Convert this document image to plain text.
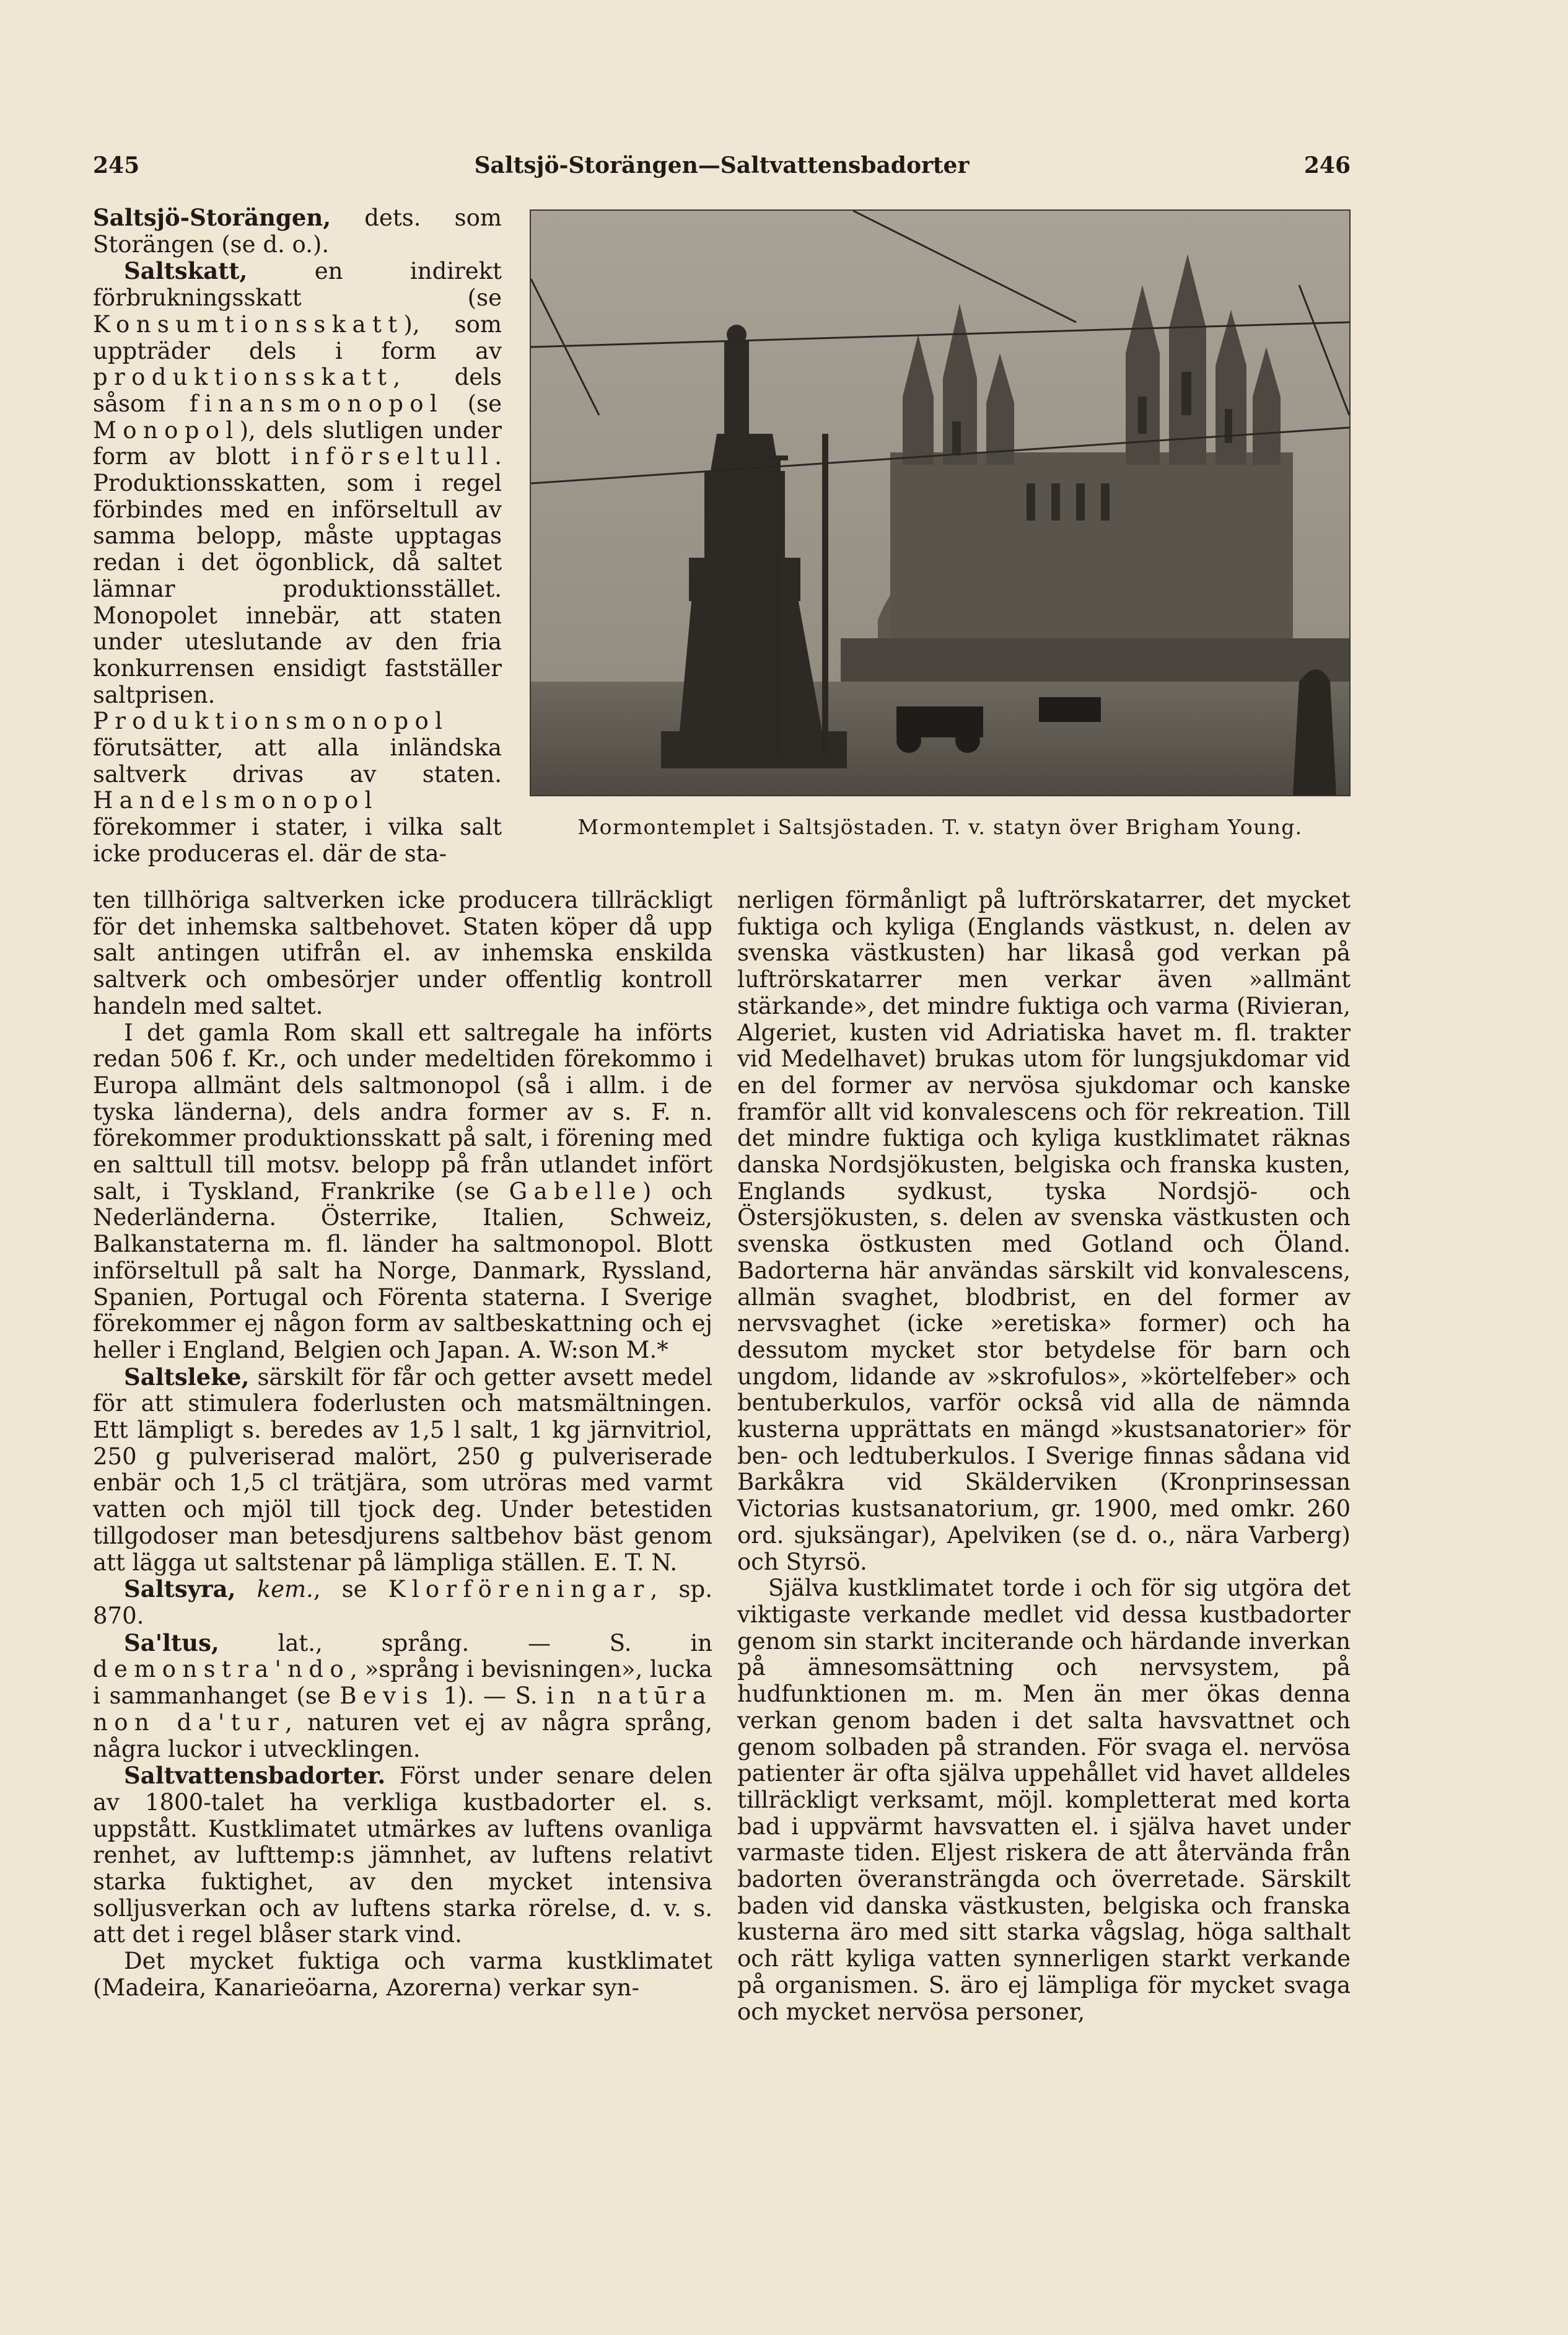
245	Saltsjö-Storängen—Saltvattensbadorter	246

Saltsjö-Storängen, dets. som Storängen (se d. o.).

Saltskatt, en indirekt förbrukningsskatt (se Konsumtionsskatt), som uppträder dels i form av produktionsskatt, dels såsom finansmonopol (se Monopol), dels slutligen under form av blott införseltull. Produktionsskatten, som i regel förbindes med en införseltull av samma belopp, måste upptagas redan i det ögonblick, då saltet lämnar produktionsstället. Monopolet innebär, att staten under uteslutande av den fria konkurrensen ensidigt fastställer saltprisen. Produktionsmonopol förutsätter, att alla inländska saltverk drivas av staten. Handelsmonopol förekommer i stater, i vilka salt icke produceras el. där de sta-

Mormontemplet i Saltsjöstaden. T. v. statyn över Brigham Young.

ten tillhöriga saltverken icke producera tillräckligt för det inhemska saltbehovet. Staten köper då upp salt antingen utifrån el. av inhemska enskilda saltverk och ombesörjer under offentlig kontroll handeln med saltet.

I det gamla Rom skall ett saltregale ha införts redan 506 f. Kr., och under medeltiden förekommo i Europa allmänt dels saltmonopol (så i allm. i de tyska länderna), dels andra former av s. F. n. förekommer produktionsskatt på salt, i förening med en salttull till motsv. belopp på från utlandet infört salt, i Tyskland, Frankrike (se Gabelle) och Nederländerna. Österrike, Italien, Schweiz, Balkanstaterna m. fl. länder ha saltmonopol. Blott införseltull på salt ha Norge, Danmark, Ryssland, Spanien, Portugal och Förenta staterna. I Sverige förekommer ej någon form av saltbeskattning och ej heller i England, Belgien och Japan. A. W:son M.*

Saltsleke, särskilt för får och getter avsett medel för att stimulera foderlusten och matsmältningen. Ett lämpligt s. beredes av 1,5 l salt, 1 kg järnvitriol, 250 g pulveriserad malört, 250 g pulveriserade enbär och 1,5 cl trätjära, som utröras med varmt vatten och mjöl till tjock deg. Under betestiden tillgodoser man betesdjurens saltbehov bäst genom att lägga ut saltstenar på lämpliga ställen. E. T. N.

Saltsyra, kem., se Klorföreningar, sp. 870.

Sa'ltus, lat., språng. — S. in demonstra'ndo, »språng i bevisningen», lucka i sammanhanget (se Bevis 1). — S. in natūra non da'tur, naturen vet ej av några språng, några luckor i utvecklingen.

Saltvattensbadorter. Först under senare delen av 1800-talet ha verkliga kustbadorter el. s. uppstått. Kustklimatet utmärkes av luftens ovanliga renhet, av lufttemp:s jämnhet, av luftens relativt starka fuktighet, av den mycket intensiva solljusverkan och av luftens starka rörelse, d. v. s. att det i regel blåser stark vind.

Det mycket fuktiga och varma kustklimatet (Madeira, Kanarieöarna, Azorerna) verkar syn-

nerligen förmånligt på luftrörskatarrer, det mycket fuktiga och kyliga (Englands västkust, n. delen av svenska västkusten) har likaså god verkan på luftrörskatarrer men verkar även »allmänt stärkande», det mindre fuktiga och varma (Rivieran, Algeriet, kusten vid Adriatiska havet m. fl. trakter vid Medelhavet) brukas utom för lungsjukdomar vid en del former av nervösa sjukdomar och kanske framför allt vid konvalescens och för rekreation. Till det mindre fuktiga och kyliga kustklimatet räknas danska Nordsjökusten, belgiska och franska kusten, Englands sydkust, tyska Nordsjö- och Östersjökusten, s. delen av svenska västkusten och svenska östkusten med Gotland och Öland. Badorterna här användas särskilt vid konvalescens, allmän svaghet, blodbrist, en del former av nervsvaghet (icke »eretiska» former) och ha dessutom mycket stor betydelse för barn och ungdom, lidande av »skrofulos», »körtelfeber» och bentuberkulos, varför också vid alla de nämnda kusterna upprättats en mängd »kustsanatorier» för ben- och ledtuberkulos. I Sverige finnas sådana vid Barkåkra vid Skälderviken (Kronprinsessan Victorias kustsanatorium, gr. 1900, med omkr. 260 ord. sjuksängar), Apelviken (se d. o., nära Varberg) och Styrsö.

Själva kustklimatet torde i och för sig utgöra det viktigaste verkande medlet vid dessa kustbadorter genom sin starkt inciterande och härdande inverkan på ämnesomsättning och nervsystem, på hudfunktionen m. m. Men än mer ökas denna verkan genom baden i det salta havsvattnet och genom solbaden på stranden. För svaga el. nervösa patienter är ofta själva uppehållet vid havet alldeles tillräckligt verksamt, möjl. kompletterat med korta bad i uppvärmt havsvatten el. i själva havet under varmaste tiden. Eljest riskera de att återvända från badorten överansträngda och överretade. Särskilt baden vid danska västkusten, belgiska och franska kusterna äro med sitt starka vågslag, höga salthalt och rätt kyliga vatten synnerligen starkt verkande på organismen. S. äro ej lämpliga för mycket svaga och mycket nervösa personer,
